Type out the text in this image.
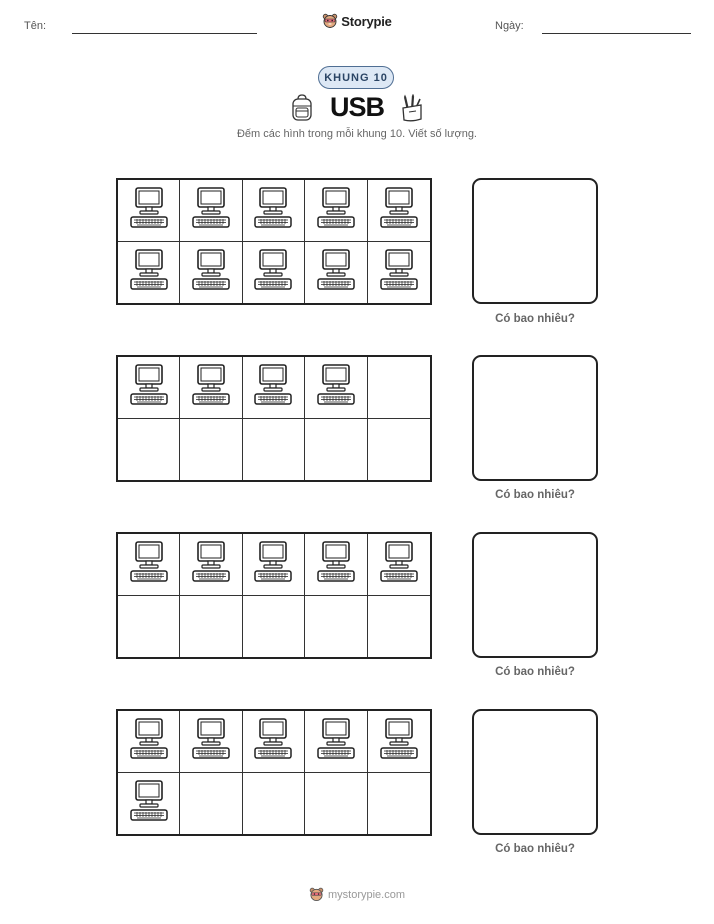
Tên:	Storypie	Ngày:
KHUNG 10
USB
Đếm các hình trong mỗi khung 10. Viết số lượng.
Có bao nhiêu?
Có bao nhiêu?
Có bao nhiêu?
Có bao nhiêu?
mystorypie.com
